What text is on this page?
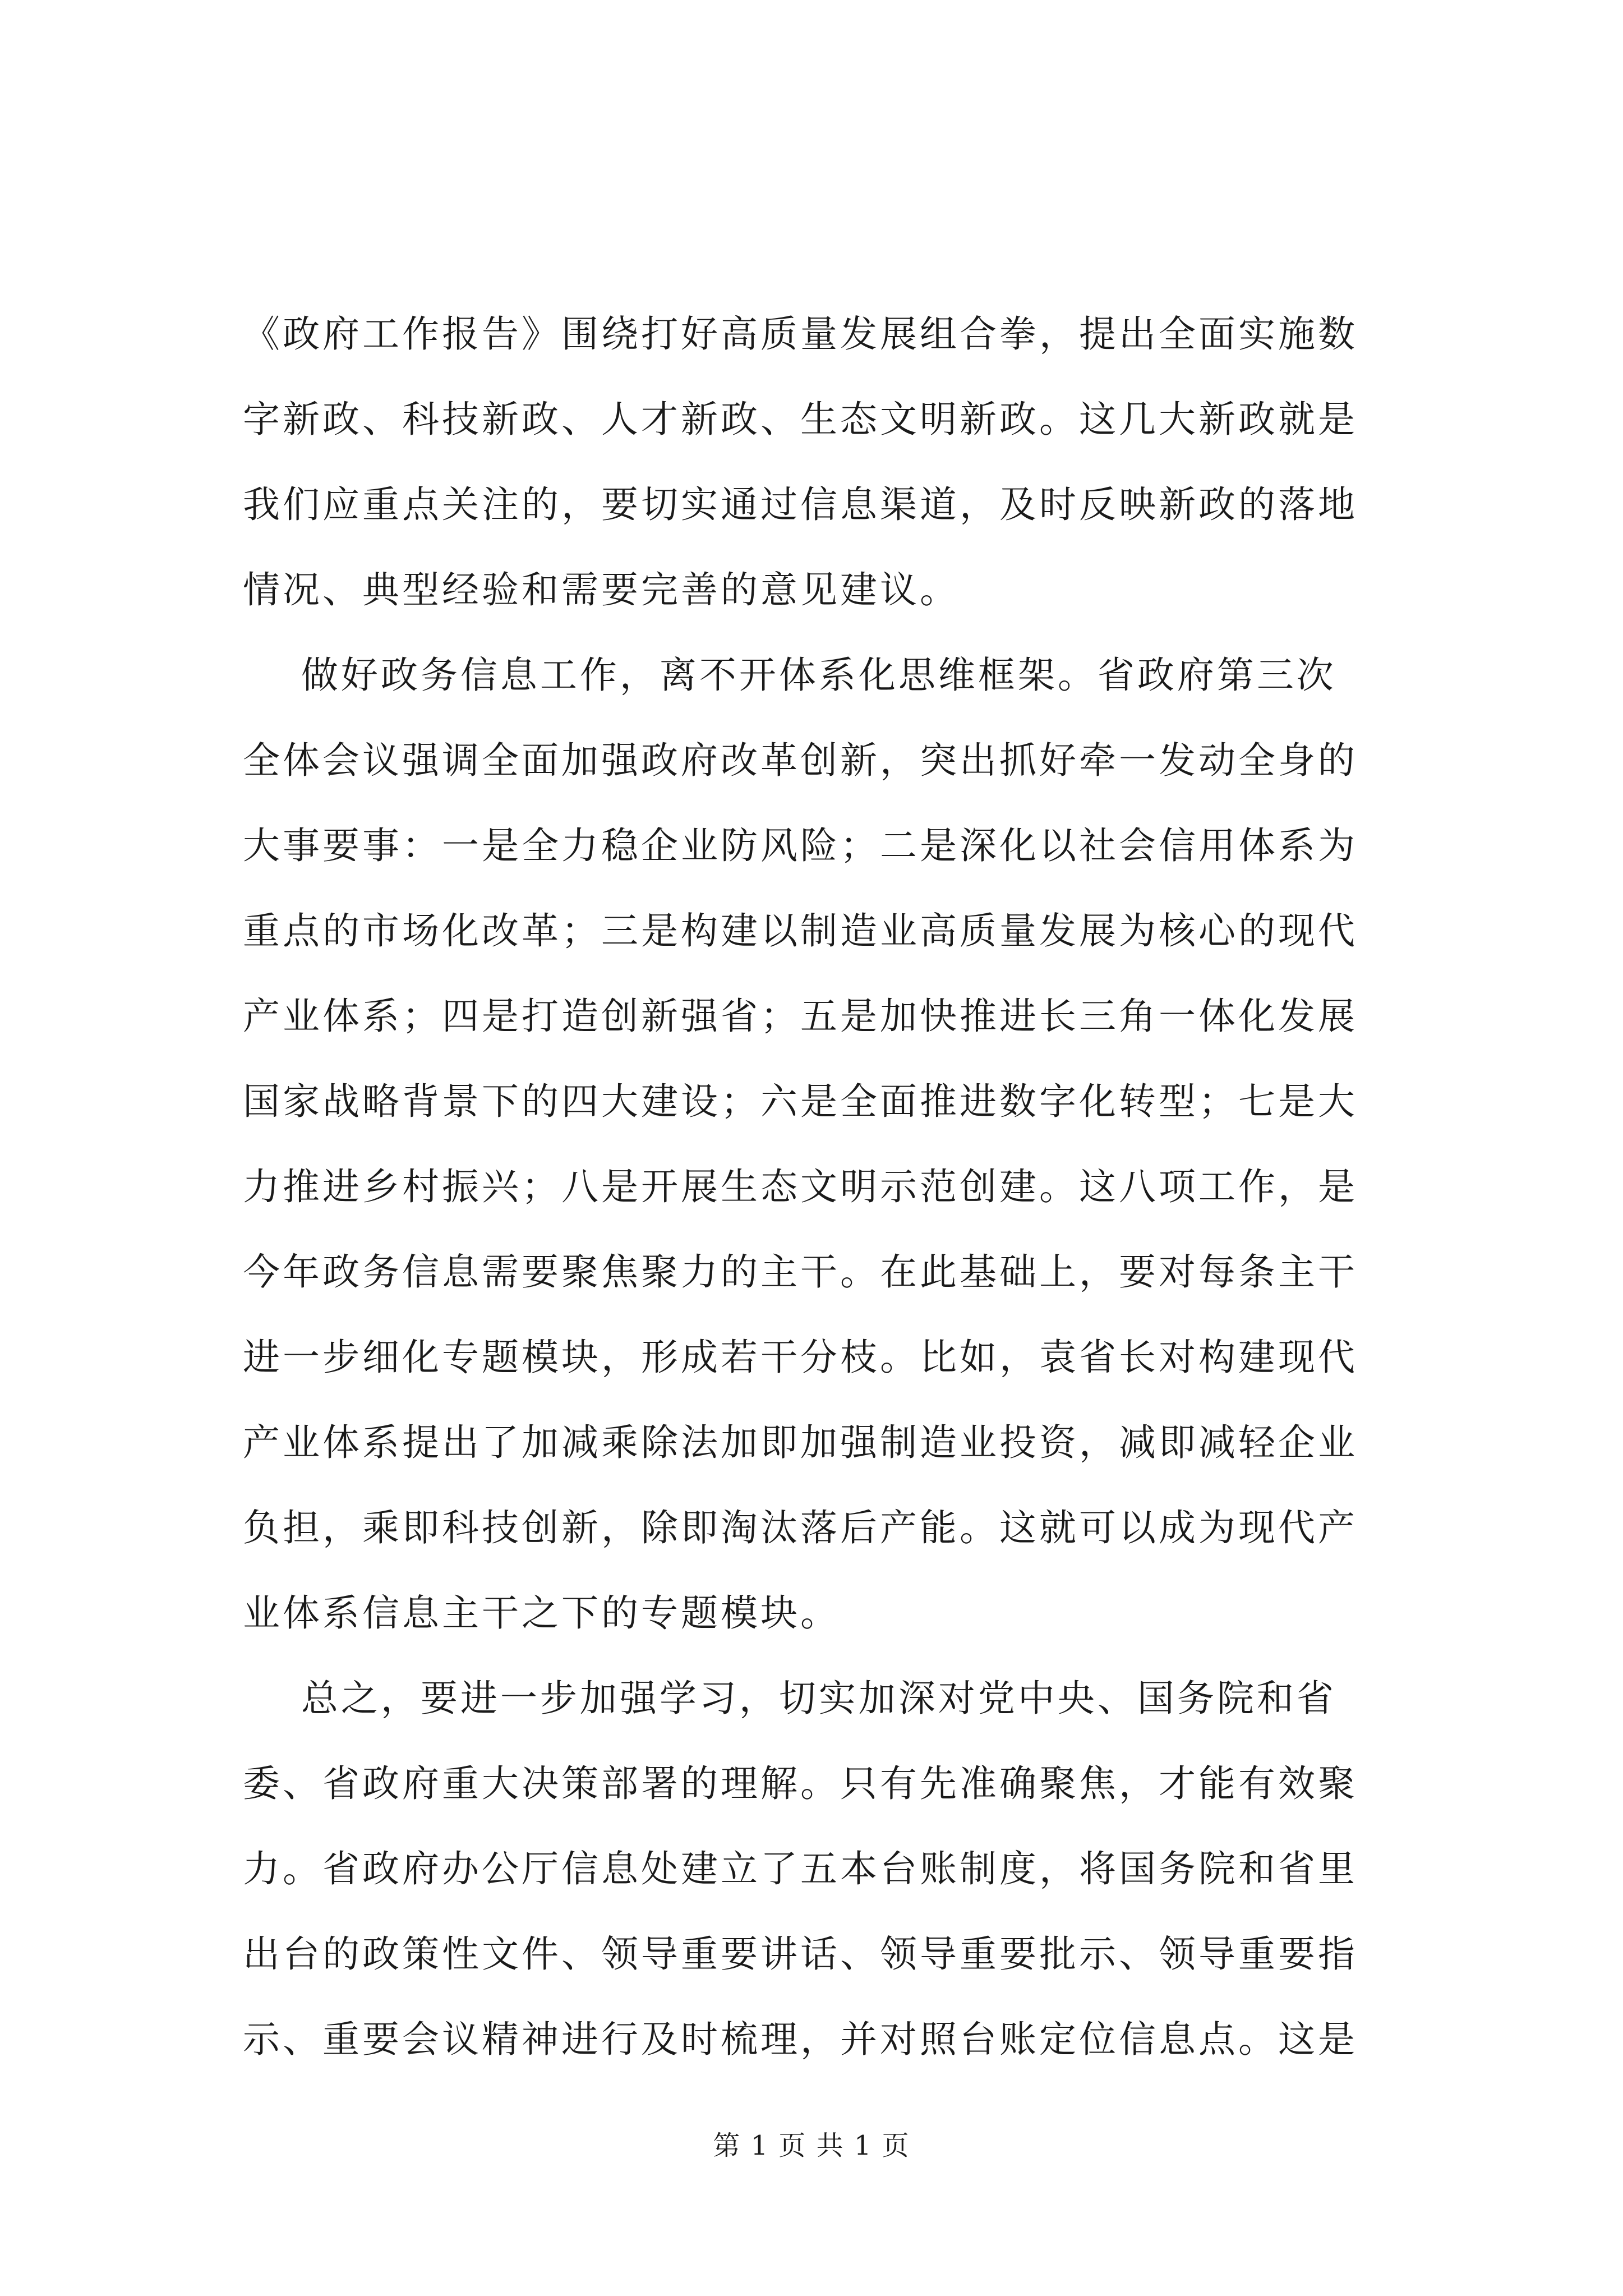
《政府工作报告》围绕打好高质量发展组合拳，提出全面实施数
字新政、科技新政、人才新政、生态文明新政。这几大新政就是
我们应重点关注的，要切实通过信息渠道，及时反映新政的落地
情况、典型经验和需要完善的意见建议。

做好政务信息工作，离不开体系化思维框架。省政府第三次
全体会议强调全面加强政府改革创新，突出抓好牵一发动全身的
大事要事：一是全力稳企业防风险；二是深化以社会信用体系为
重点的市场化改革；三是构建以制造业高质量发展为核心的现代
产业体系；四是打造创新强省；五是加快推进长三角一体化发展
国家战略背景下的四大建设；六是全面推进数字化转型；七是大
力推进乡村振兴；八是开展生态文明示范创建。这八项工作，是
今年政务信息需要聚焦聚力的主干。在此基础上，要对每条主干
进一步细化专题模块，形成若干分枝。比如，袁省长对构建现代
产业体系提出了加减乘除法加即加强制造业投资，减即减轻企业
负担，乘即科技创新，除即淘汰落后产能。这就可以成为现代产
业体系信息主干之下的专题模块。

总之，要进一步加强学习，切实加深对党中央、国务院和省
委、省政府重大决策部署的理解。只有先准确聚焦，才能有效聚
力。省政府办公厅信息处建立了五本台账制度，将国务院和省里
出台的政策性文件、领导重要讲话、领导重要批示、领导重要指
示、重要会议精神进行及时梳理，并对照台账定位信息点。这是

第 1 页 共 1 页
